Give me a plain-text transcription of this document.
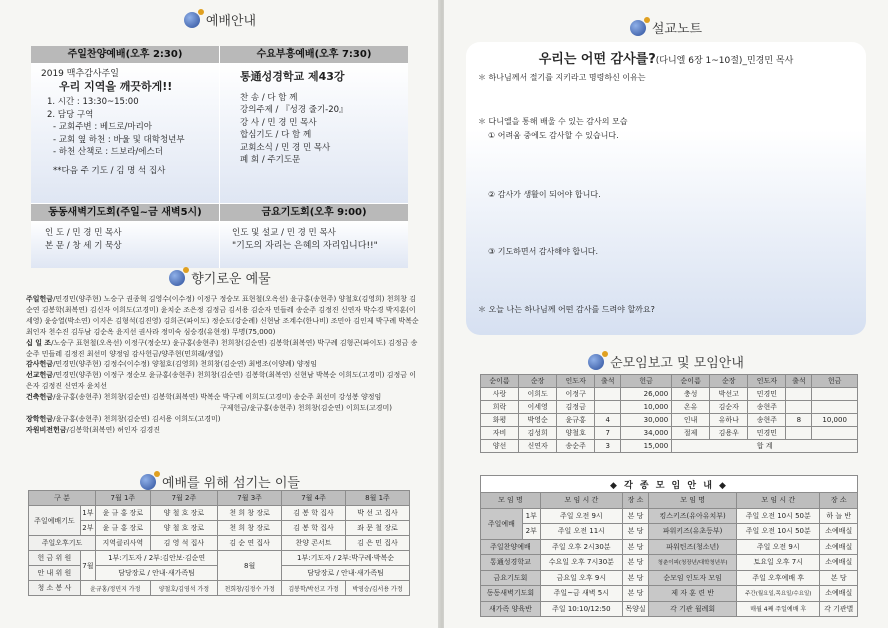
예배안내
주일찬양예배(오후 2:30)	수요부흥예배(오후 7:30)
2019 맥추감사주일
우리 지역을 깨끗하게!!
1. 시간 : 13:30~15:00
2. 담당 구역
- 교회주변 : 베드로/마리아
- 교회 옆 하천 : 바울 및 대학청년부
- 하천 산책로 : 드보라/에스더
**다음 주 기도 / 김 명 석 집사
통通성경학교 제43강
찬 송 / 다 함 께
강의주제 / 『성경 줄기-20』
강 사 / 민 경 민 목사
합심기도 / 다 함 께
교회소식 / 민 경 민 목사
폐 회 / 주기도문
동동새벽기도회(주일~금 새벽5시)	금요기도회(오후 9:00)
인 도 / 민 경 민 목사
본 문 / 창 세 기 묵상
인도 및 설교 / 민 경 민 목사
"기도의 자리는 은혜의 자리입니다!!"
향기로운 예물

주일헌금/민경민(양주현) 노승구 권종혁 김영수(이수정) 이정구 정승모 표현철(오옥선) 윤규홍(송현주) 양철호(김영희) 천희창 김순연 김봉학(최복연) 김신자 이희도(고경미) 윤치순 조은정 김정금 김서용 김순자 민들레 송순주 김정진 신연자 박수경 박지훈(이세영) 윤승열(박소연) 이지은 김형석(김진영) 김희곤(파이도) 정순도(강순례) 신현남 조계수(한나비) 조민아 김인제 박구례 박복순 최인자 천수진 김두남 김순옥 윤지선 권사라 정미숙 심승경(유현정) 무명(75,000)

십 일 조/노승구 표현철(오옥선) 이정구(정순모) 윤규홍(송현주) 천희창(김순연) 김봉학(최복연) 박구례 김형곤(파이도) 김정금 송순주 민들레 김정진 최선미 양정임 감사헌금/양주현(민희래/생일)

감사헌금/민경민(양주현) 김정수(이수정) 양철호(김영희) 천희창(김순연) 최병조(이양례) 양정임

선교헌금/민경민(양주현) 이정구 정순모 윤규홍(송현주) 천희창(김순연) 김봉학(최복연) 신현남 박복순 이희도(고경미) 김정금 이은자 김정진 신연자 윤치선

건축헌금/윤규홍(송현주) 천희창(김순연) 김봉학(최복연) 박복순 박구례 이희도(고경미) 송순주 최선미 강성봉 양정임

구제헌금/윤규홍(송현주) 천희창(김순연) 이희도(고경미)

장학헌금/윤규홍(송현주) 천희창(김순연) 김서용 이희도(고경미)

자원비전헌금/김봉학(최복연) 허인자 김경진

예배를 위해 섬기는 이들
구 분		7월 1주	7월 2주	7월 3주	7월 4주	8월 1주
주일예배기도	1부	윤 규 홍 장로	양 철 호 장로	천 희 창 장로	김 봉 학 집사	박 선 고 집사
	2부	윤 규 홍 장로	양 철 호 장로	천 희 창 장로	김 봉 학 집사	좌 문 철 장로
주일오후기도		지역클리사역	김 영 석 집사	김 순 연 집사	찬양 콘서트	김 은 민 집사
헌 금 위 원	7월	1부:기도자 / 2부:김안보·김순연		8월	1부:기도자 / 2부:박구례·박복순	
안 내 위 원		담당장로 / 안내·새가족팀			담당장로 / 안내·새가족팀	
청 소 봉 사	윤규홍/정민지 가정		양철호/김영석 가정	천희창/김정수 가정	김봉학/박선고 가정	박영승/김서용 가정
설교노트
우리는 어떤 감사를?(다니엘 6장 1~10절)_민경민 목사
＊ 하나님께서 절기를 지키라고 명령하신 이유는
＊ 다니엘을 통해 배울 수 있는 감사의 모습
① 어려움 중에도 감사할 수 있습니다.
② 감사가 생활이 되어야 합니다.
③ 기도하면서 감사해야 합니다.
＊ 오늘 나는 하나님께 어떤 감사를 드려야 할까요?
순모임보고 및 모임안내
순이름	순장	인도자	출석	헌금	순이름	순장	인도자	출석	헌금
사랑	이희도	이정구		26,000	충성	박선고	민경민		
희락	이세영	김정금		10,000	온유	김순자	송현주		
화평	박영순	윤규홍	4	30,000	인내	유하나	송현주	8	10,000
자비	김성희	양철호	7	34,000	절제	김용우	민경민		
양선	신연자	송순주	3	15,000	합 계				
◆ 각 종 모 임 안 내 ◆						
모 임 명		모 임 시 간	장 소	모 임 명	모 임 시 간	장 소
주일예배	1부	주일 오전 9시	본 당	킹스키즈(유아유치부)	주일 오전 10시 50분	하 늘 반
	2부	주일 오전 11시	본 당	파워키즈(유초등부)	주일 오전 10시 50분	소예배실
주일찬양예배		주일 오후 2시30분	본 당	파워틴즈(청소년)	주일 오전 9시	소예배실
통通성경학교		수요일 오후 7시30분	본 당	청춘이피(청장년/대학청년부)	토요일 오후 7시	소예배실
금요기도회		금요일 오후 9시	본 당	순모임 인도자 모임	주일 오후예배 후	본 당
동동새벽기도회		주일~금 새벽 5시	본 당	제 자 훈 련 반	주간(월요일,목요일/수요일)	소예배실
새가족 양육반		주일 10:10/12:50	목양실	각 기관 월례회	매월 4째 주일예배 후	각 기관별
